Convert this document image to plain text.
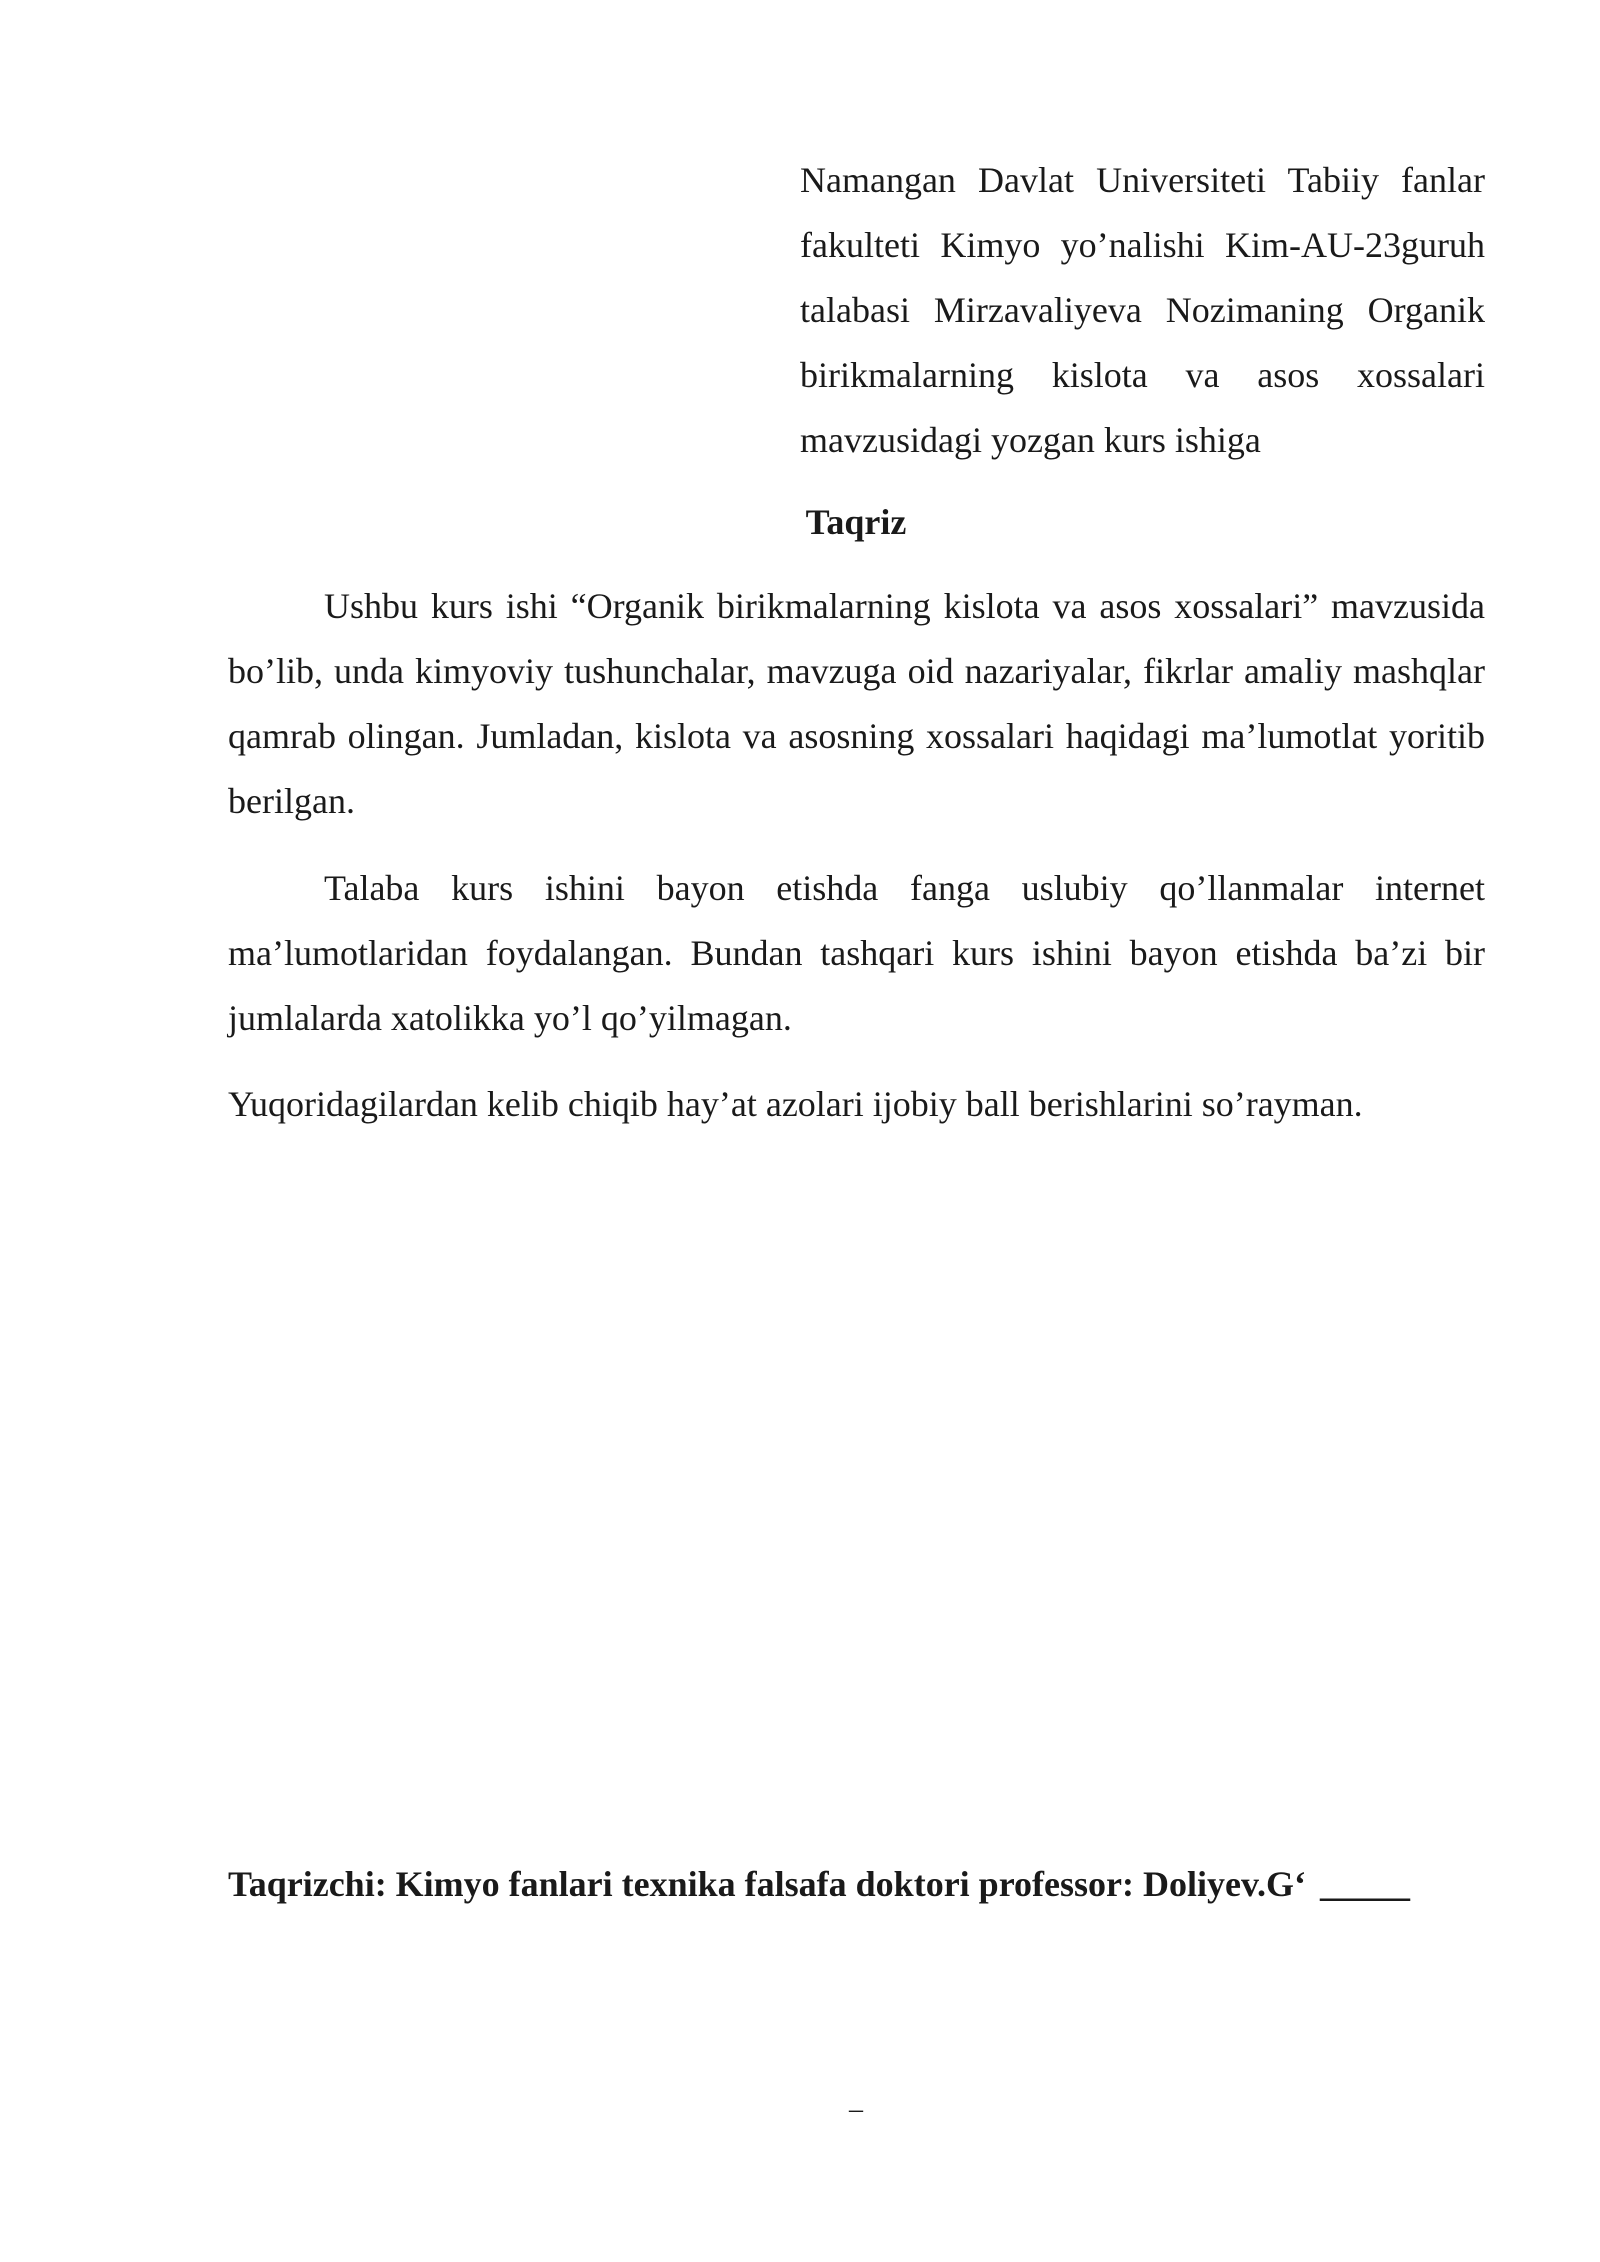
Namangan Davlat Universiteti Tabiiy fanlar fakulteti Kimyo yo’nalishi Kim-AU-23guruh talabasi Mirzavaliyeva Nozimaning Organik birikmalarning kislota va asos xossalari mavzusidagi yozgan kurs ishiga
Taqriz

Ushbu kurs ishi “Organik birikmalarning kislota va asos xossalari” mavzusida bo’lib, unda kimyoviy tushunchalar, mavzuga oid nazariyalar, fikrlar amaliy mashqlar qamrab olingan. Jumladan, kislota va asosning xossalari haqidagi ma’lumotlat yoritib berilgan.

Talaba kurs ishini bayon etishda fanga uslubiy qo’llanmalar internet ma’lumotlaridan foydalangan. Bundan tashqari kurs ishini bayon etishda ba’zi bir jumlalarda xatolikka yo’l qo’yilmagan.

Yuqoridagilardan kelib chiqib hay’at azolari ijobiy ball berishlarini so’rayman.

Taqrizchi: Kimyo fanlari texnika falsafa doktori professor: Doliyev.G‘ _____
–
